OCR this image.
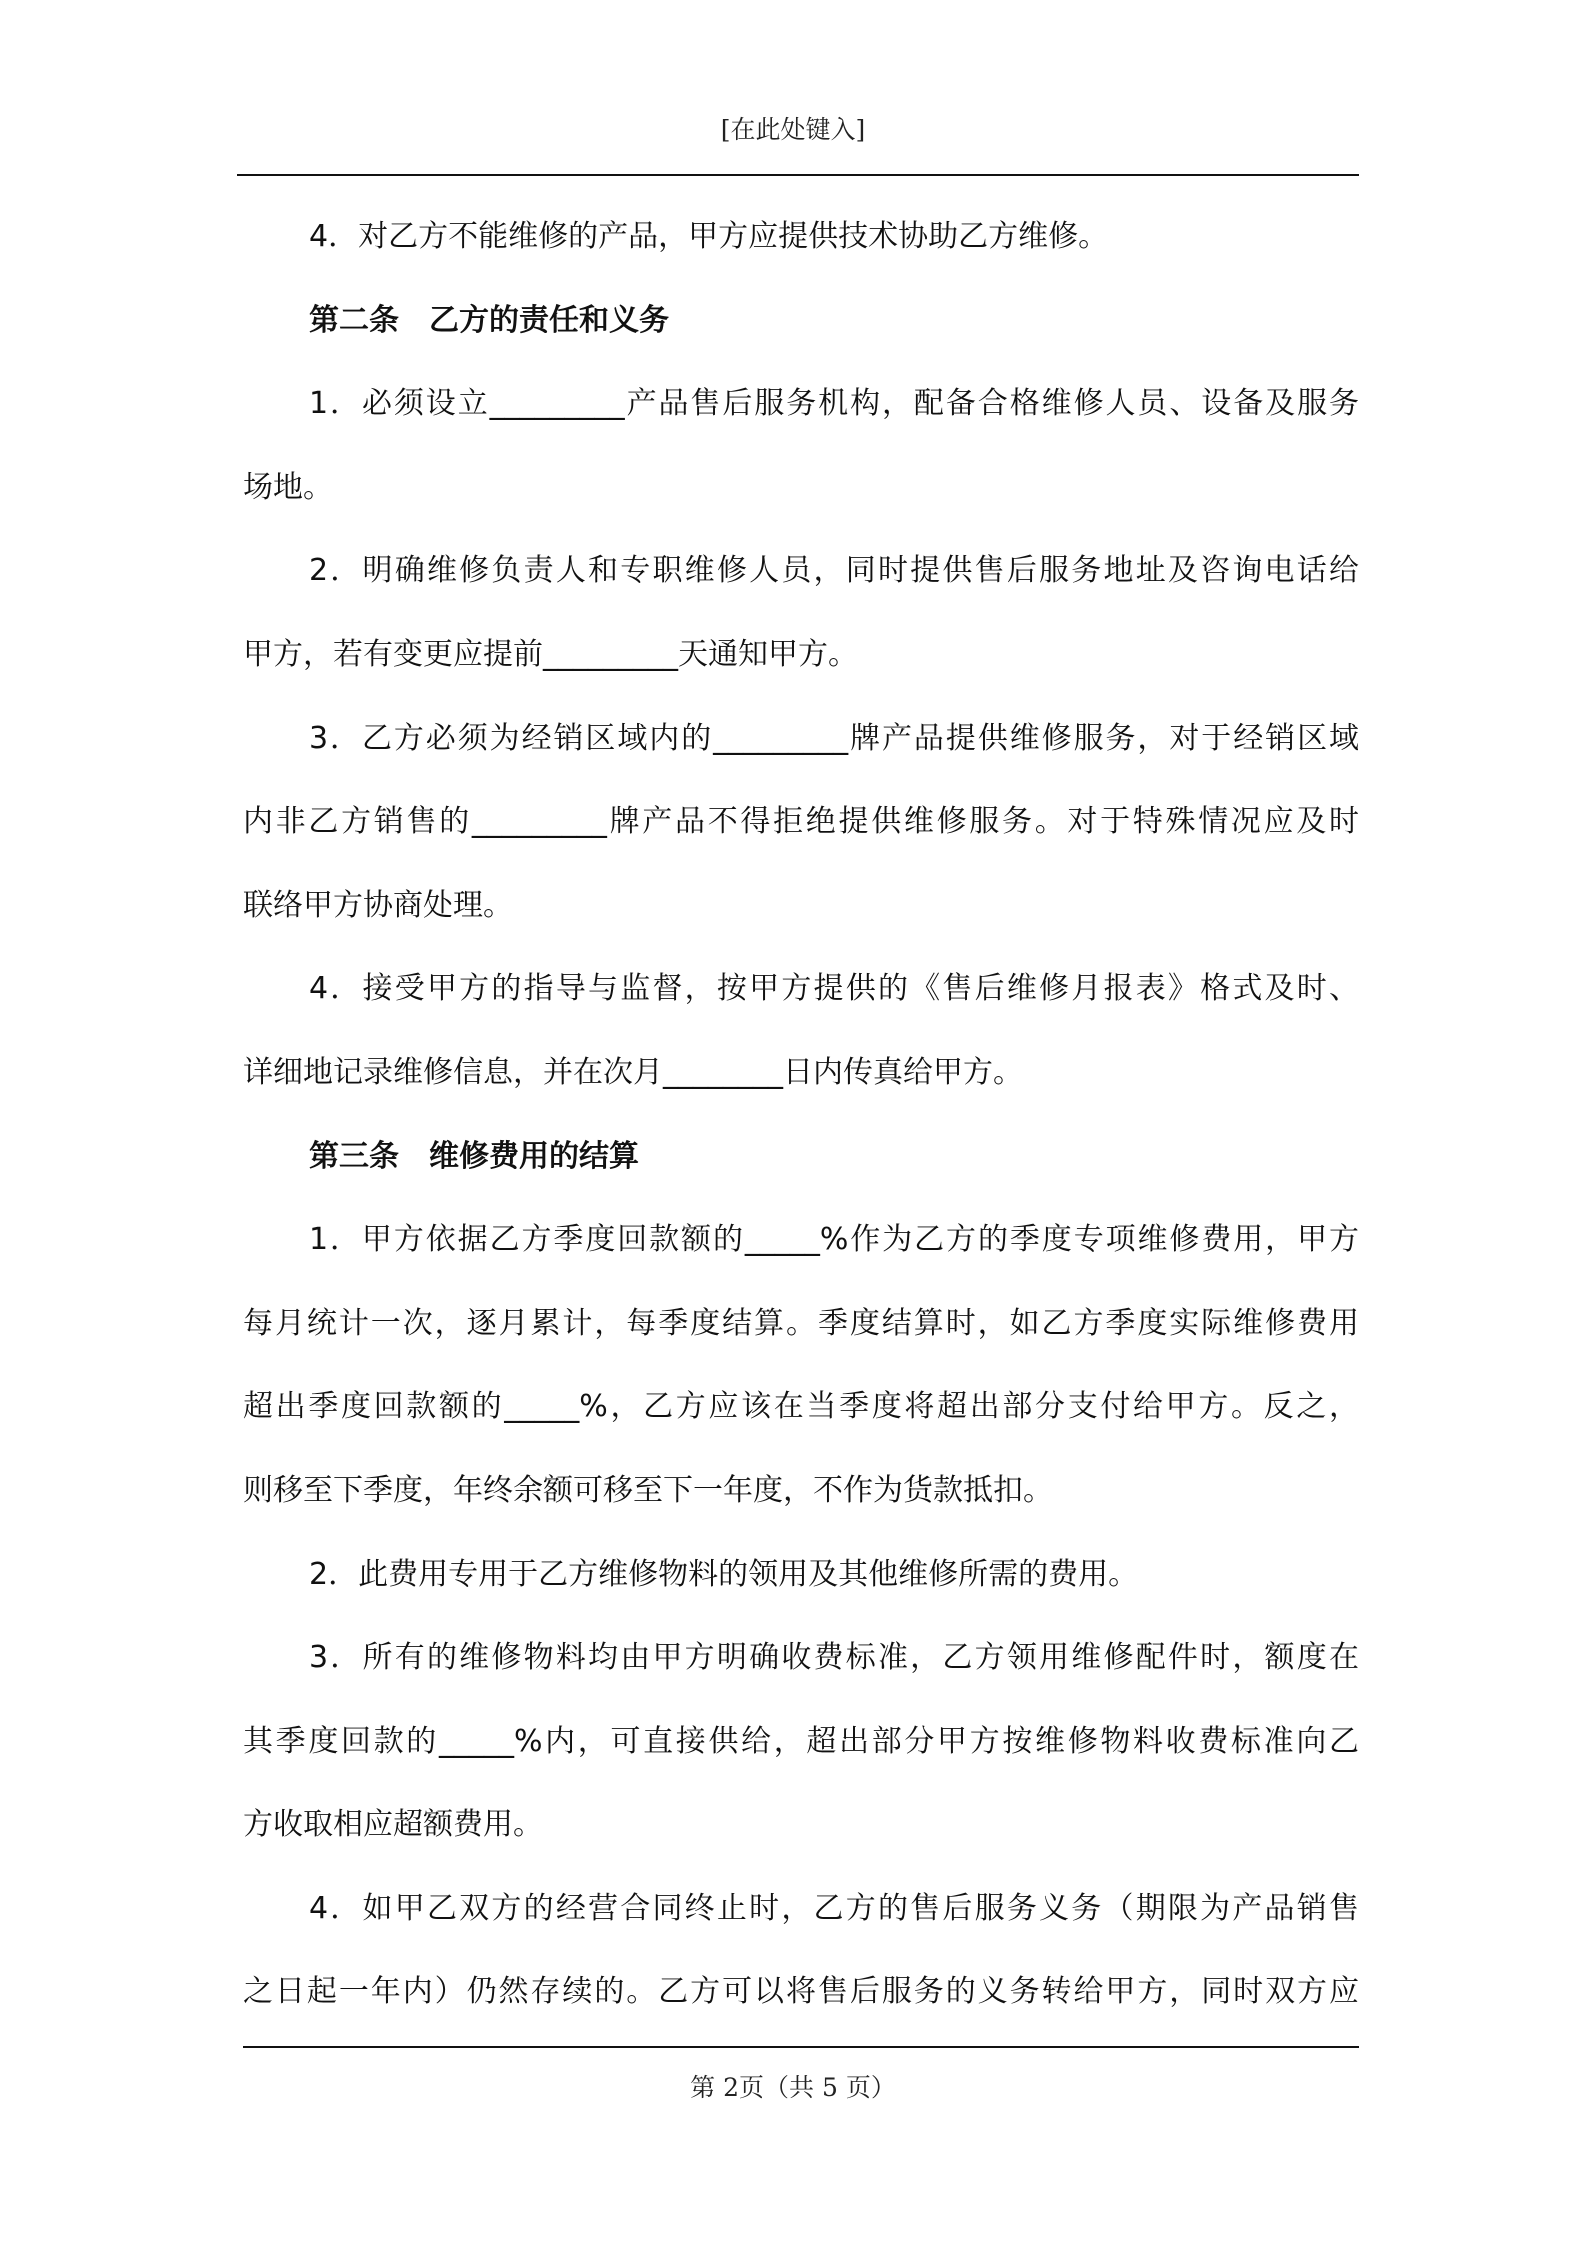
[在此处键入]
4．对乙方不能维修的产品，甲方应提供技术协助乙方维修。
第二条 乙方的责任和义务
1．必须设立_________产品售后服务机构，配备合格维修人员、设备及服务
场地。
2．明确维修负责人和专职维修人员，同时提供售后服务地址及咨询电话给
甲方，若有变更应提前_________天通知甲方。
3．乙方必须为经销区域内的_________牌产品提供维修服务，对于经销区域
内非乙方销售的_________牌产品不得拒绝提供维修服务。对于特殊情况应及时
联络甲方协商处理。
4．接受甲方的指导与监督，按甲方提供的《售后维修月报表》格式及时、
详细地记录维修信息，并在次月________日内传真给甲方。
第三条 维修费用的结算
1．甲方依据乙方季度回款额的_____%作为乙方的季度专项维修费用，甲方
每月统计一次，逐月累计，每季度结算。季度结算时，如乙方季度实际维修费用
超出季度回款额的_____%，乙方应该在当季度将超出部分支付给甲方。反之，
则移至下季度，年终余额可移至下一年度，不作为货款抵扣。
2．此费用专用于乙方维修物料的领用及其他维修所需的费用。
3．所有的维修物料均由甲方明确收费标准，乙方领用维修配件时，额度在
其季度回款的_____%内，可直接供给，超出部分甲方按维修物料收费标准向乙
方收取相应超额费用。
4．如甲乙双方的经营合同终止时，乙方的售后服务义务（期限为产品销售
之日起一年内）仍然存续的。乙方可以将售后服务的义务转给甲方，同时双方应
第 2页（共 5 页）
